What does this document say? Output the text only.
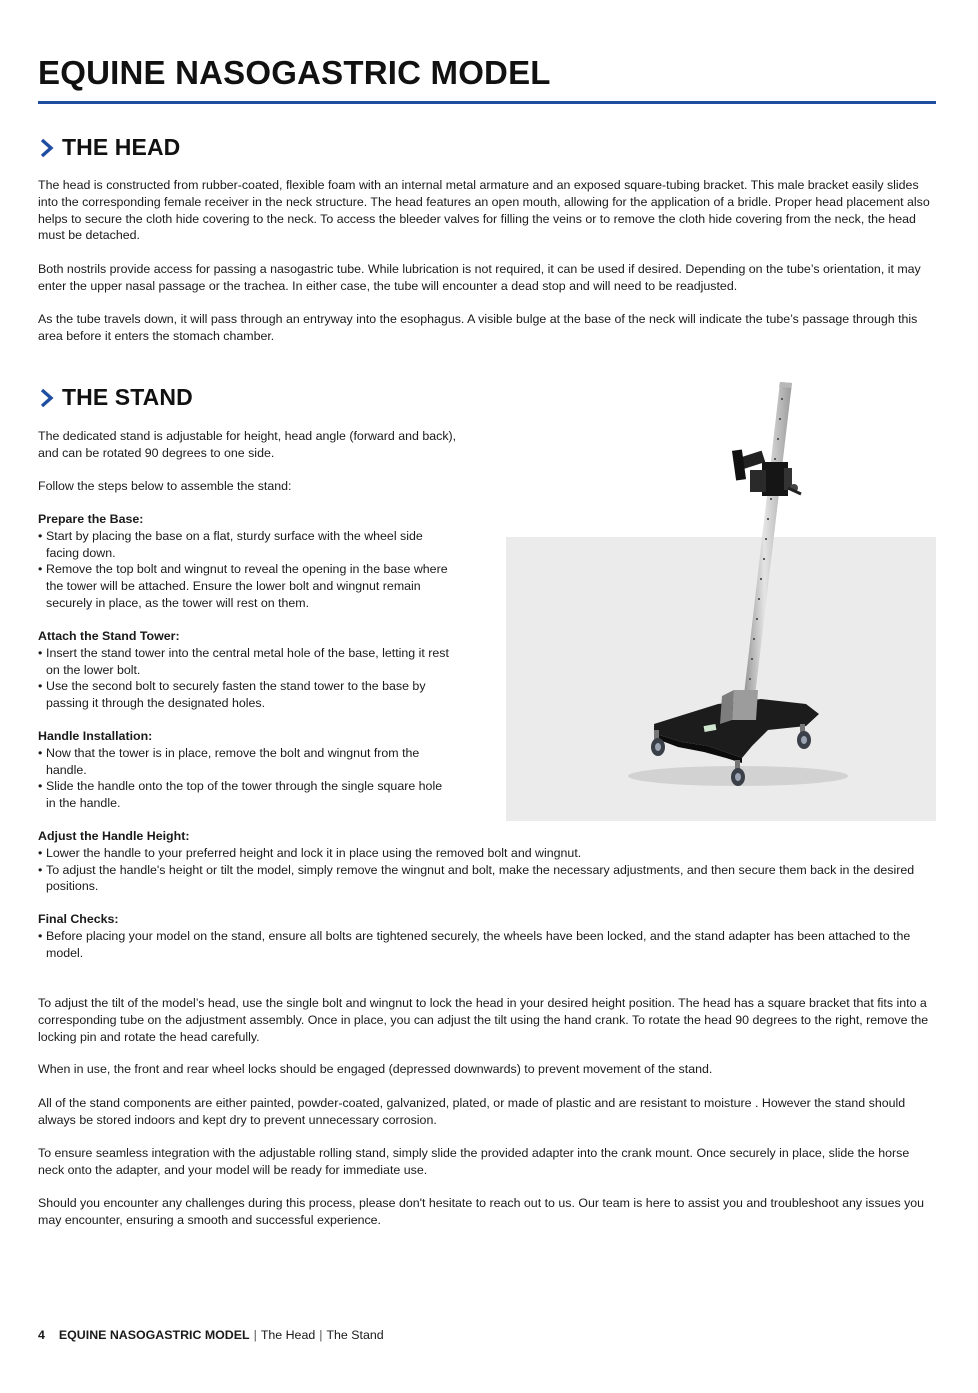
EQUINE NASOGASTRIC MODEL
THE HEAD

The head is constructed from rubber-coated, flexible foam with an internal metal armature and an exposed square-tubing bracket. This male bracket easily slides into the corresponding female receiver in the neck structure. The head features an open mouth, allowing for the application of a bridle. Proper head placement also helps to secure the cloth hide covering to the neck. To access the bleeder valves for filling the veins or to remove the cloth hide covering from the neck, the head must be detached.

Both nostrils provide access for passing a nasogastric tube. While lubrication is not required, it can be used if desired. Depending on the tube’s orientation, it may enter the upper nasal passage or the trachea. In either case, the tube will encounter a dead stop and will need to be readjusted.

As the tube travels down, it will pass through an entryway into the esophagus. A visible bulge at the base of the neck will indicate the tube’s passage through this area before it enters the stomach chamber.

THE STAND

The dedicated stand is adjustable for height, head angle (forward and back), and can be rotated 90 degrees to one side.

Follow the steps below to assemble the stand:

Prepare the Base:
• Start by placing the base on a flat, sturdy surface with the wheel side facing down.
• Remove the top bolt and wingnut to reveal the opening in the base where the tower will be attached. Ensure the lower bolt and wingnut remain securely in place, as the tower will rest on them.
Attach the Stand Tower:
• Insert the stand tower into the central metal hole of the base, letting it rest on the lower bolt.
• Use the second bolt to securely fasten the stand tower to the base by passing it through the designated holes.
Handle Installation:
• Now that the tower is in place, remove the bolt and wingnut from the handle.
• Slide the handle onto the top of the tower through the single square hole in the handle.
Adjust the Handle Height:
• Lower the handle to your preferred height and lock it in place using the removed bolt and wingnut.
• To adjust the handle's height or tilt the model, simply remove the wingnut and bolt, make the necessary adjustments, and then secure them back in the desired positions.
Final Checks:
• Before placing your model on the stand, ensure all bolts are tightened securely, the wheels have been locked, and the stand adapter has been attached to the model.

To adjust the tilt of the model’s head, use the single bolt and wingnut to lock the head in your desired height position. The head has a square bracket that fits into a corresponding tube on the adjustment assembly. Once in place, you can adjust the tilt using the hand crank. To rotate the head 90 degrees to the right, remove the locking pin and rotate the head carefully.

When in use, the front and rear wheel locks should be engaged (depressed downwards) to prevent movement of the stand.

All of the stand components are either painted, powder-coated, galvanized, plated, or made of plastic and are resistant to moisture . However the stand should always be stored indoors and kept dry to prevent unnecessary corrosion.

To ensure seamless integration with the adjustable rolling stand, simply slide the provided adapter into the crank mount. Once securely in place, slide the horse neck onto the adapter, and your model will be ready for immediate use.

Should you encounter any challenges during this process, please don't hesitate to reach out to us. Our team is here to assist you and troubleshoot any issues you may encounter, ensuring a smooth and successful experience.

4 EQUINE NASOGASTRIC MODEL | The Head | The Stand
